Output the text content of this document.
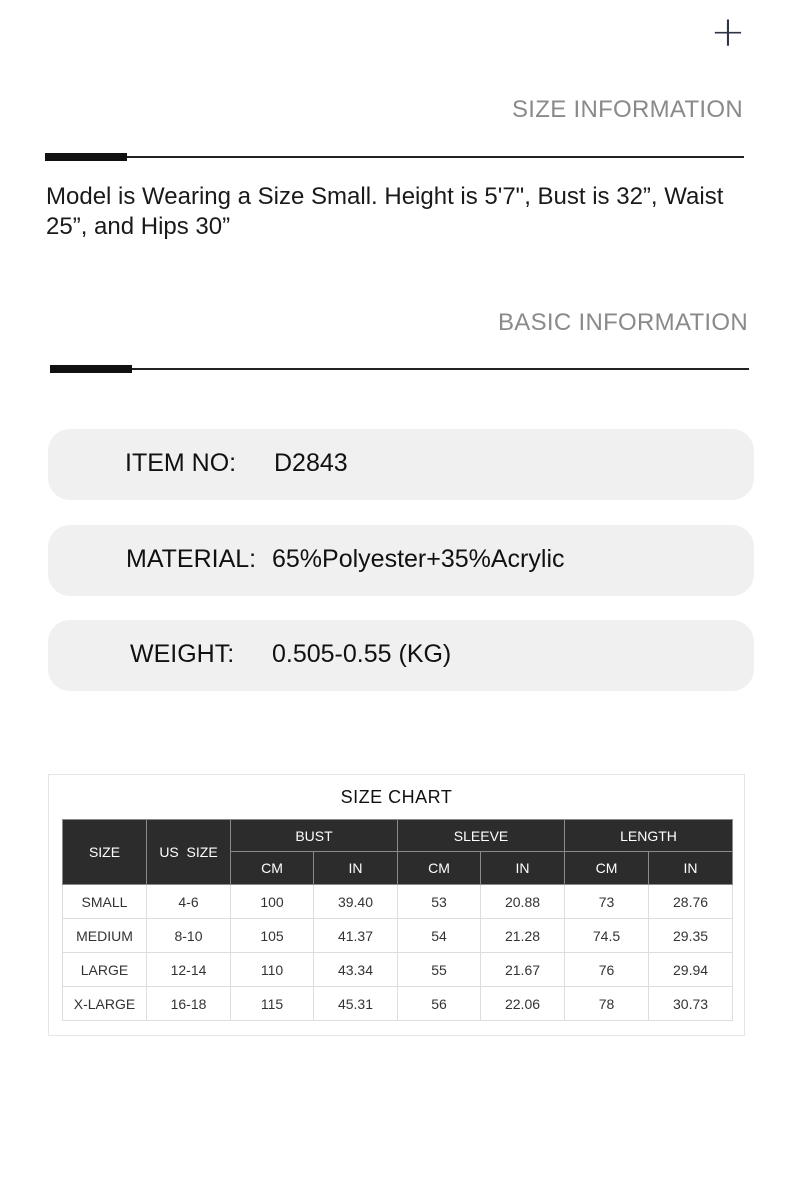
+
SIZE INFORMATION
Model is Wearing a Size Small. Height is 5'7", Bust is 32”, Waist 25”, and Hips 30”
BASIC INFORMATION
ITEM NO: D2843
MATERIAL: 65%Polyester+35%Acrylic
WEIGHT: 0.505-0.55 (KG)
SIZE CHART
SIZE	US  SIZE	BUST		SLEEVE		LENGTH	
		CM	IN	CM	IN	CM	IN
SMALL	4-6	100	39.40	53	20.88	73	28.76
MEDIUM	8-10	105	41.37	54	21.28	74.5	29.35
LARGE	12-14	110	43.34	55	21.67	76	29.94
X-LARGE	16-18	115	45.31	56	22.06	78	30.73
